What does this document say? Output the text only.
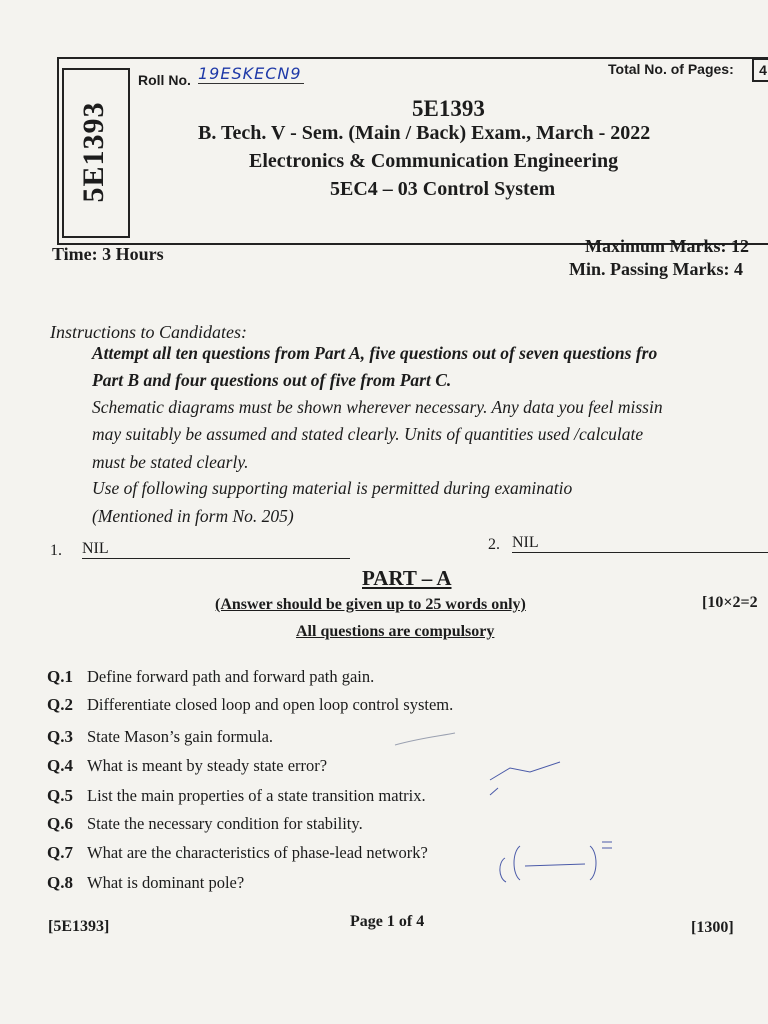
5E1393
Roll No. 19ESKECN9	Total No. of Pages:	4
5E1393
B. Tech. V - Sem. (Main / Back) Exam., March - 2022
Electronics & Communication Engineering
5EC4 – 03 Control System
Time: 3 Hours	Maximum Marks: 12
Min. Passing Marks: 4
Instructions to Candidates:
Attempt all ten questions from Part A, five questions out of seven questions fro
Part B and four questions out of five from Part C.
Schematic diagrams must be shown wherever necessary. Any data you feel missin
may suitably be assumed and stated clearly. Units of quantities used /calculate
must be stated clearly.
Use of following supporting material is permitted during examinatio
(Mentioned in form No. 205)
1. NIL	2. NIL
PART – A
(Answer should be given up to 25 words only)	[10×2=2
All questions are compulsory
Q.1 Define forward path and forward path gain.
Q.2 Differentiate closed loop and open loop control system.
Q.3 State Mason’s gain formula.
Q.4 What is meant by steady state error?
Q.5 List the main properties of a state transition matrix.
Q.6 State the necessary condition for stability.
Q.7 What are the characteristics of phase-lead network?
Q.8 What is dominant pole?
[5E1393]	Page 1 of 4	[1300]
